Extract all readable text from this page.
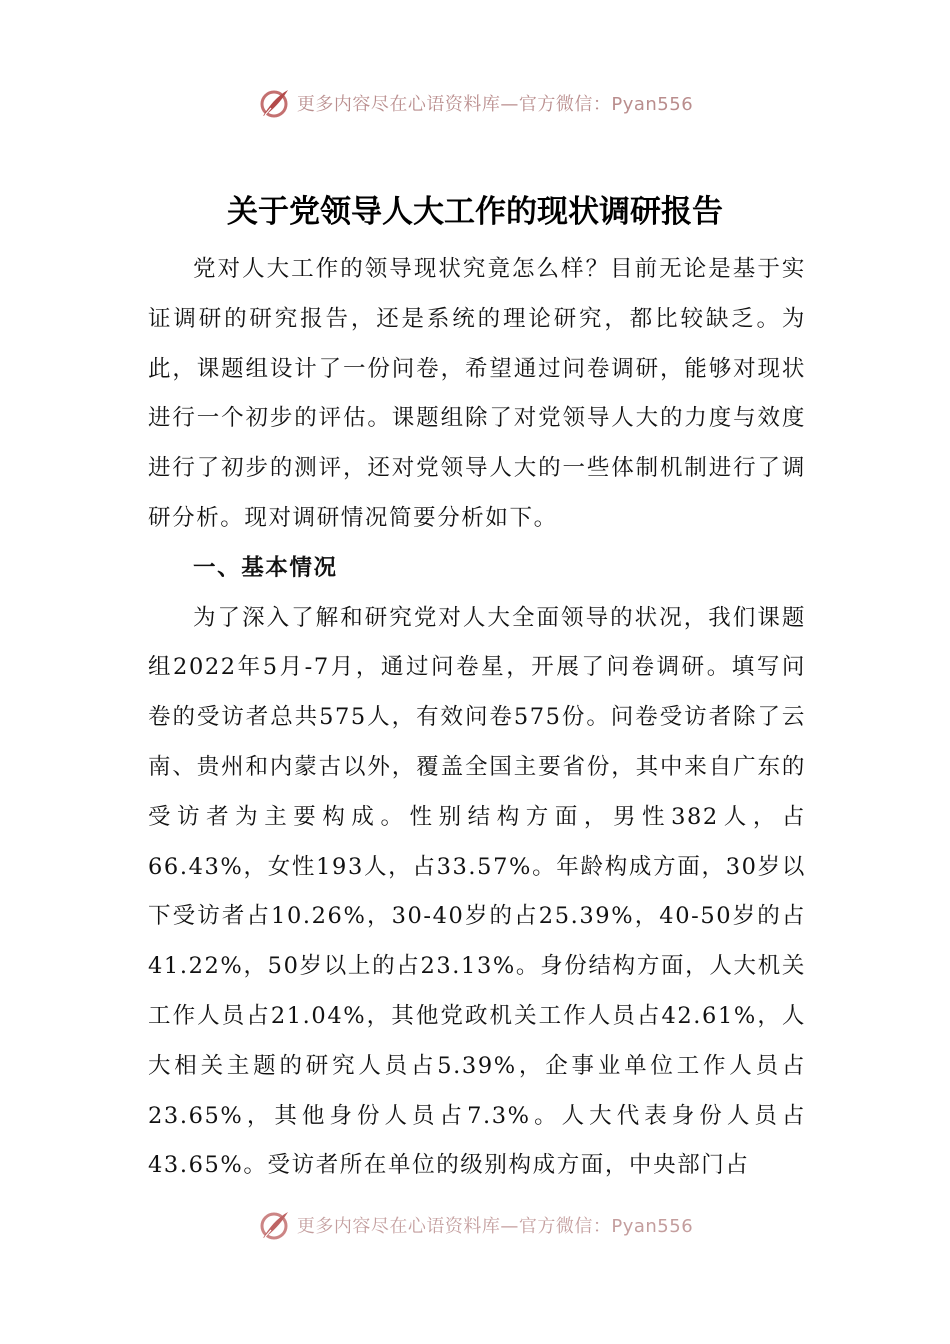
更多内容尽在心语资料库—官方微信：Pyan556
关于党领导人大工作的现状调研报告

党对人大工作的领导现状究竟怎么样？目前无论是基于实证调研的研究报告，还是系统的理论研究，都比较缺乏。为此，课题组设计了一份问卷，希望通过问卷调研，能够对现状进行一个初步的评估。课题组除了对党领导人大的力度与效度进行了初步的测评，还对党领导人大的一些体制机制进行了调研分析。现对调研情况简要分析如下。

一、基本情况

为了深入了解和研究党对人大全面领导的状况，我们课题组2022年5月-7月，通过问卷星，开展了问卷调研。填写问卷的受访者总共575人，有效问卷575份。问卷受访者除了云南、贵州和内蒙古以外，覆盖全国主要省份，其中来自广东的受访者为主要构成。性别结构方面，男性382人，占66.43%，女性193人，占33.57%。年龄构成方面，30岁以下受访者占10.26%，30-40岁的占25.39%，40-50岁的占41.22%，50岁以上的占23.13%。身份结构方面，人大机关工作人员占21.04%，其他党政机关工作人员占42.61%，人大相关主题的研究人员占5.39%，企事业单位工作人员占23.65%，其他身份人员占7.3%。人大代表身份人员占43.65%。受访者所在单位的级别构成方面，中央部门占

更多内容尽在心语资料库—官方微信：Pyan556
